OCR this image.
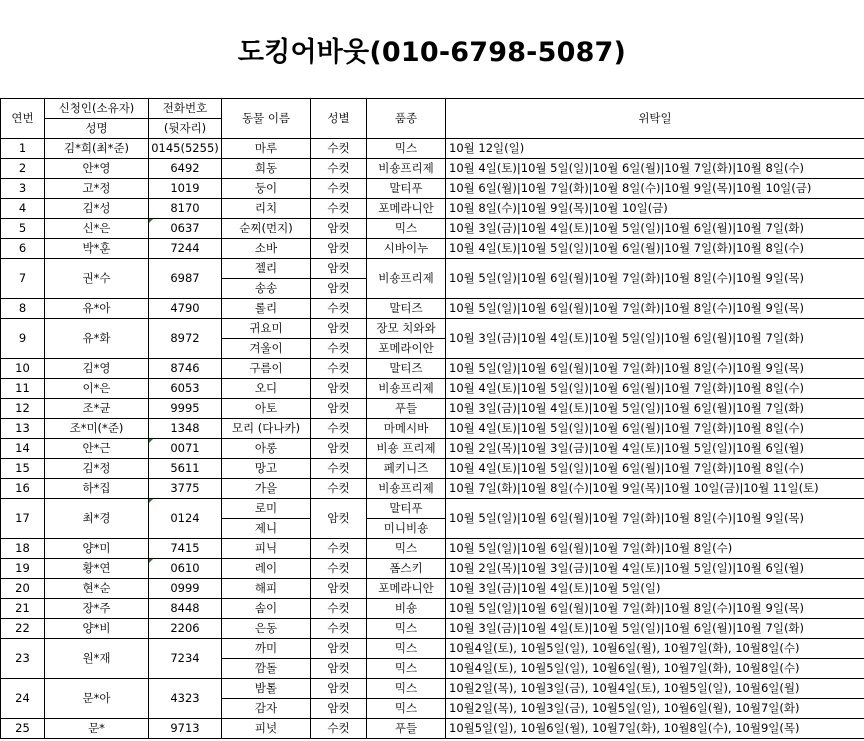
도킹어바웃(010-6798-5087)
연번	신청인(소유자)	전화번호	동물 이름	성별	품종	위탁일
	성명	(뒷자리)				
1	김*희(최*준)	0145(5255)	마루	수컷	믹스	10월 12일(일)
2	안*영	6492	희동	수컷	비숑프리제	10월 4일(토)|10월 5일(일)|10월 6일(월)|10월 7일(화)|10월 8일(수)
3	고*정	1019	둥이	수컷	말티푸	10월 6일(월)|10월 7일(화)|10월 8일(수)|10월 9일(목)|10월 10일(금)
4	김*성	8170	리치	수컷	포메라니안	10월 8일(수)|10월 9일(목)|10월 10일(금)
5	신*은	0637	순찌(먼지)	암컷	믹스	10월 3일(금)|10월 4일(토)|10월 5일(일)|10월 6일(월)|10월 7일(화)
6	박*훈	7244	소바	암컷	시바이누	10월 4일(토)|10월 5일(일)|10월 6일(월)|10월 7일(화)|10월 8일(수)
7	권*수	6987	젤리	암컷	비숑프리제	10월 5일(일)|10월 6일(월)|10월 7일(화)|10월 8일(수)|10월 9일(목)
			송송	암컷		
8	유*아	4790	롤리	수컷	말티즈	10월 5일(일)|10월 6일(월)|10월 7일(화)|10월 8일(수)|10월 9일(목)
9	유*화	8972	귀요미	암컷	장모 치와와	10월 3일(금)|10월 4일(토)|10월 5일(일)|10월 6일(월)|10월 7일(화)
			겨울이	수컷	포메라이안	
10	김*영	8746	구름이	수컷	말티즈	10월 5일(일)|10월 6일(월)|10월 7일(화)|10월 8일(수)|10월 9일(목)
11	이*은	6053	오디	암컷	비숑프리제	10월 4일(토)|10월 5일(일)|10월 6일(월)|10월 7일(화)|10월 8일(수)
12	조*균	9995	아토	암컷	푸들	10월 3일(금)|10월 4일(토)|10월 5일(일)|10월 6일(월)|10월 7일(화)
13	조*미(*준)	1348	모리 (다나카)	수컷	마메시바	10월 4일(토)|10월 5일(일)|10월 6일(월)|10월 7일(화)|10월 8일(수)
14	안*근	0071	아롱	암컷	비숑 프리제	10월 2일(목)|10월 3일(금)|10월 4일(토)|10월 5일(일)|10월 6일(월)
15	김*정	5611	망고	수컷	페키니즈	10월 4일(토)|10월 5일(일)|10월 6일(월)|10월 7일(화)|10월 8일(수)
16	하*집	3775	가을	수컷	비숑프리제	10월 7일(화)|10월 8일(수)|10월 9일(목)|10월 10일(금)|10월 11일(토)
17	최*경	0124	로미	암컷	말티푸	10월 5일(일)|10월 6일(월)|10월 7일(화)|10월 8일(수)|10월 9일(목)
			제니		미니비숑	
18	양*미	7415	피닉	수컷	믹스	10월 5일(일)|10월 6일(월)|10월 7일(화)|10월 8일(수)
19	황*연	0610	레이	수컷	폼스키	10월 2일(목)|10월 3일(금)|10월 4일(토)|10월 5일(일)|10월 6일(월)
20	현*순	0999	해피	암컷	포메라니안	10월 3일(금)|10월 4일(토)|10월 5일(일)
21	장*주	8448	솜이	수컷	비숑	10월 5일(일)|10월 6일(월)|10월 7일(화)|10월 8일(수)|10월 9일(목)
22	양*비	2206	은동	수컷	믹스	10월 3일(금)|10월 4일(토)|10월 5일(일)|10월 6일(월)|10월 7일(화)
23	원*재	7234	까미	암컷	믹스	10월4일(토), 10월5일(일), 10월6일(월), 10월7일(화), 10월8일(수)
			깜돌	암컷	믹스	10월4일(토), 10월5일(일), 10월6일(월), 10월7일(화), 10월8일(수)
24	문*아	4323	밤톨	암컷	믹스	10월2일(목), 10월3일(금), 10월4일(토), 10월5일(일), 10월6일(월)
			감자	암컷	믹스	10월2일(목), 10월3일(금), 10월5일(일), 10월6일(월), 10월7일(화)
25	문*	9713	피넛	수컷	푸들	10월5일(일), 10월6일(월), 10월7일(화), 10월8일(수), 10월9일(목)
